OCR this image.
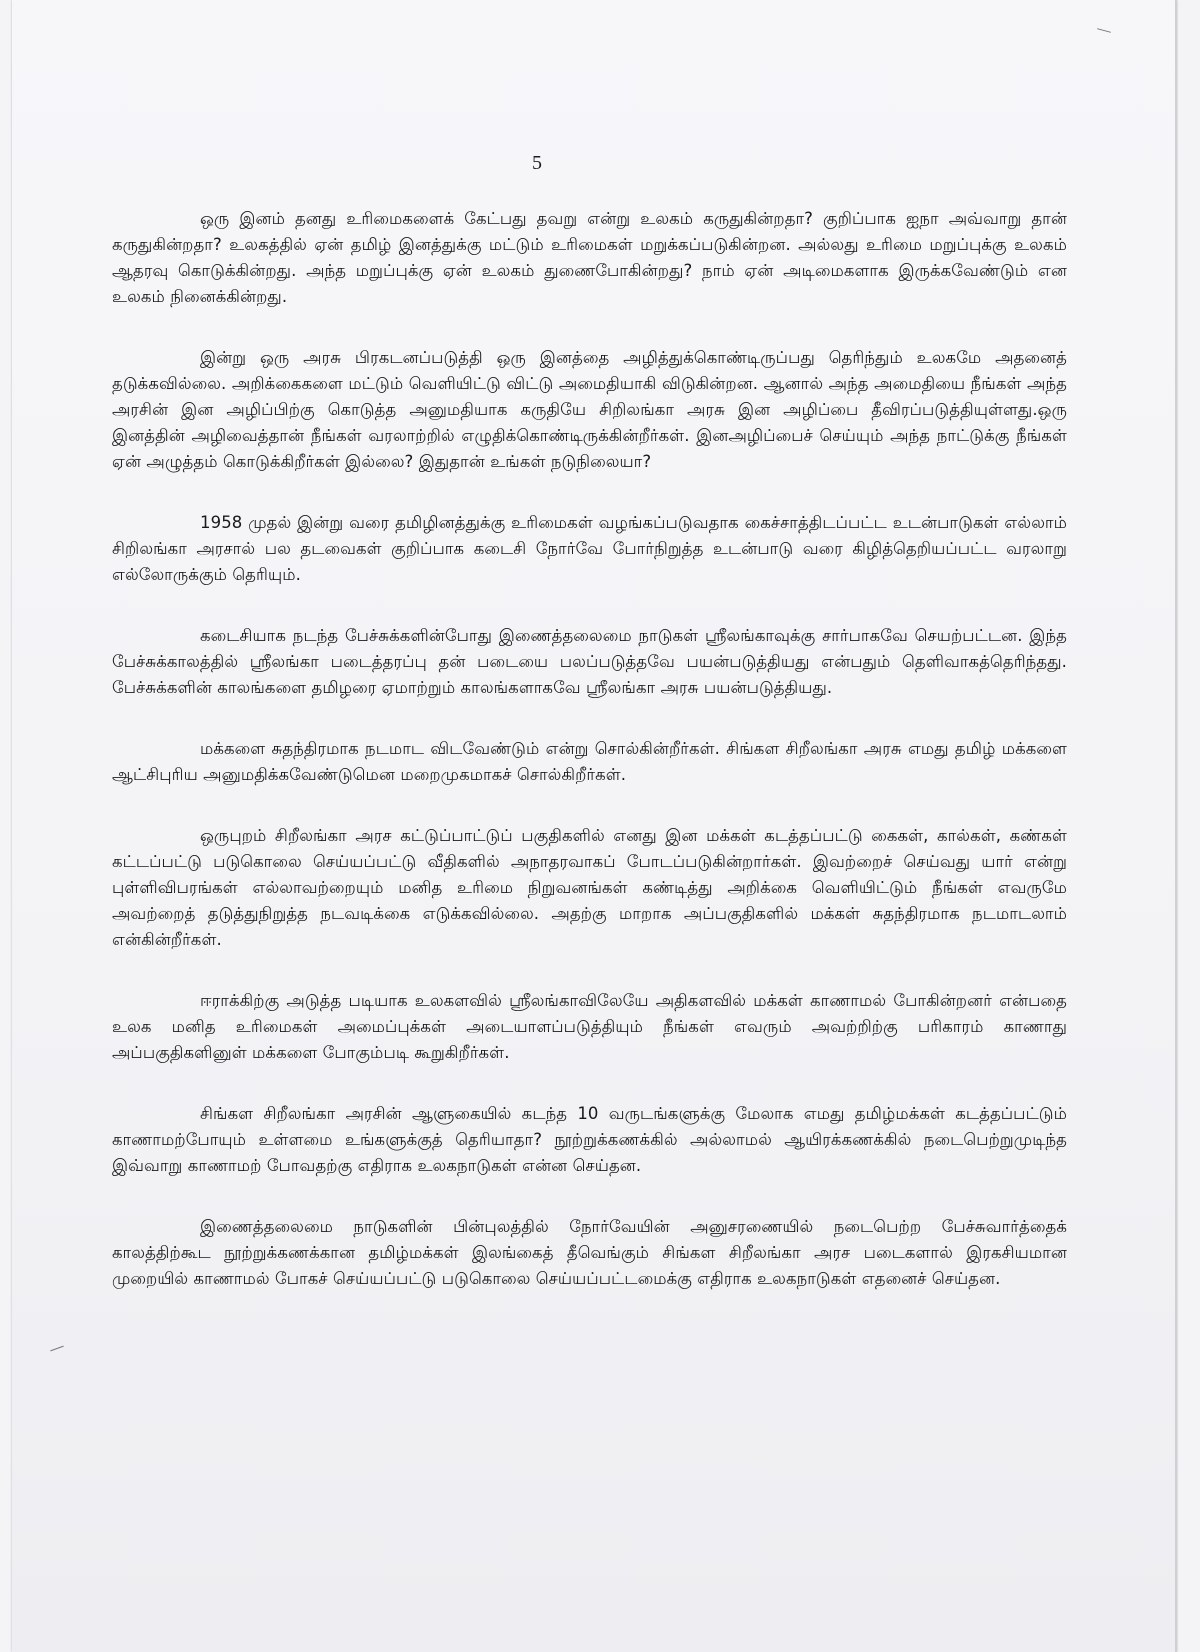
5

ஒரு இனம் தனது உரிமைகளைக் கேட்பது தவறு என்று உலகம் கருதுகின்றதா? குறிப்பாக ஐநா அவ்வாறு தான் கருதுகின்றதா? உலகத்தில் ஏன் தமிழ் இனத்துக்கு மட்டும் உரிமைகள் மறுக்கப்படுகின்றன. அல்லது உரிமை மறுப்புக்கு உலகம் ஆதரவு கொடுக்கின்றது. அந்த மறுப்புக்கு ஏன் உலகம் துணைபோகின்றது? நாம் ஏன் அடிமைகளாக இருக்கவேண்டும் என உலகம் நினைக்கின்றது.

இன்று ஒரு அரசு பிரகடனப்படுத்தி ஒரு இனத்தை அழித்துக்கொண்டிருப்பது தெரிந்தும் உலகமே அதனைத் தடுக்கவில்லை. அறிக்கைகளை மட்டும் வெளியிட்டு விட்டு அமைதியாகி விடுகின்றன. ஆனால் அந்த அமைதியை நீங்கள் அந்த அரசின் இன அழிப்பிற்கு கொடுத்த அனுமதியாக கருதியே சிறிலங்கா அரசு இன அழிப்பை தீவிரப்படுத்தியுள்ளது.ஒரு இனத்தின் அழிவைத்தான் நீங்கள் வரலாற்றில் எழுதிக்கொண்டிருக்கின்றீர்கள். இனஅழிப்பைச் செய்யும் அந்த நாட்டுக்கு நீங்கள் ஏன் அழுத்தம் கொடுக்கிறீர்கள் இல்லை? இதுதான் உங்கள் நடுநிலையா?

1958 முதல் இன்று வரை தமிழினத்துக்கு உரிமைகள் வழங்கப்படுவதாக கைச்சாத்திடப்பட்ட உடன்பாடுகள் எல்லாம் சிறிலங்கா அரசால் பல தடவைகள் குறிப்பாக கடைசி நோர்வே போர்நிறுத்த உடன்பாடு வரை கிழித்தெறியப்பட்ட வரலாறு எல்லோருக்கும் தெரியும்.

கடைசியாக நடந்த பேச்சுக்களின்போது இணைத்தலைமை நாடுகள் ஸ்ரீலங்காவுக்கு சார்பாகவே செயற்பட்டன. இந்த பேச்சுக்காலத்தில் ஸ்ரீலங்கா படைத்தரப்பு தன் படையை பலப்படுத்தவே பயன்படுத்தியது என்பதும் தெளிவாகத்தெரிந்தது. பேச்சுக்களின் காலங்களை தமிழரை ஏமாற்றும் காலங்களாகவே ஸ்ரீலங்கா அரசு பயன்படுத்தியது.

மக்களை சுதந்திரமாக நடமாட விடவேண்டும் என்று சொல்கின்றீர்கள். சிங்கள சிறீலங்கா அரசு எமது தமிழ் மக்களை ஆட்சிபுரிய அனுமதிக்கவேண்டுமென மறைமுகமாகச் சொல்கிறீர்கள்.

ஒருபுறம் சிறீலங்கா அரச கட்டுப்பாட்டுப் பகுதிகளில் எனது இன மக்கள் கடத்தப்பட்டு கைகள், கால்கள், கண்கள் கட்டப்பட்டு படுகொலை செய்யப்பட்டு வீதிகளில் அநாதரவாகப் போடப்படுகின்றார்கள். இவற்றைச் செய்வது யார் என்று புள்ளிவிபரங்கள் எல்லாவற்றையும் மனித உரிமை நிறுவனங்கள் கண்டித்து அறிக்கை வெளியிட்டும் நீங்கள் எவருமே அவற்றைத் தடுத்துநிறுத்த நடவடிக்கை எடுக்கவில்லை. அதற்கு மாறாக அப்பகுதிகளில் மக்கள் சுதந்திரமாக நடமாடலாம் என்கின்றீர்கள்.

ஈராக்கிற்கு அடுத்த படியாக உலகளவில் ஸ்ரீலங்காவிலேயே அதிகளவில் மக்கள் காணாமல் போகின்றனர் என்பதை உலக மனித உரிமைகள் அமைப்புக்கள் அடையாளப்படுத்தியும் நீங்கள் எவரும் அவற்றிற்கு பரிகாரம் காணாது அப்பகுதிகளினுள் மக்களை போகும்படி கூறுகிறீர்கள்.

சிங்கள சிறீலங்கா அரசின் ஆளுகையில் கடந்த 10 வருடங்களுக்கு மேலாக எமது தமிழ்மக்கள் கடத்தப்பட்டும் காணாமற்போயும் உள்ளமை உங்களுக்குத் தெரியாதா? நூற்றுக்கணக்கில் அல்லாமல் ஆயிரக்கணக்கில் நடைபெற்றுமுடிந்த இவ்வாறு காணாமற் போவதற்கு எதிராக உலகநாடுகள் என்ன செய்தன.

இணைத்தலைமை நாடுகளின் பின்புலத்தில் நோர்வேயின் அனுசரணையில் நடைபெற்ற பேச்சுவார்த்தைக் காலத்திற்கூட நூற்றுக்கணக்கான தமிழ்மக்கள் இலங்கைத் தீவெங்கும் சிங்கள சிறீலங்கா அரச படைகளால் இரகசியமான முறையில் காணாமல் போகச் செய்யப்பட்டு படுகொலை செய்யப்பட்டமைக்கு எதிராக உலகநாடுகள் எதனைச் செய்தன.
